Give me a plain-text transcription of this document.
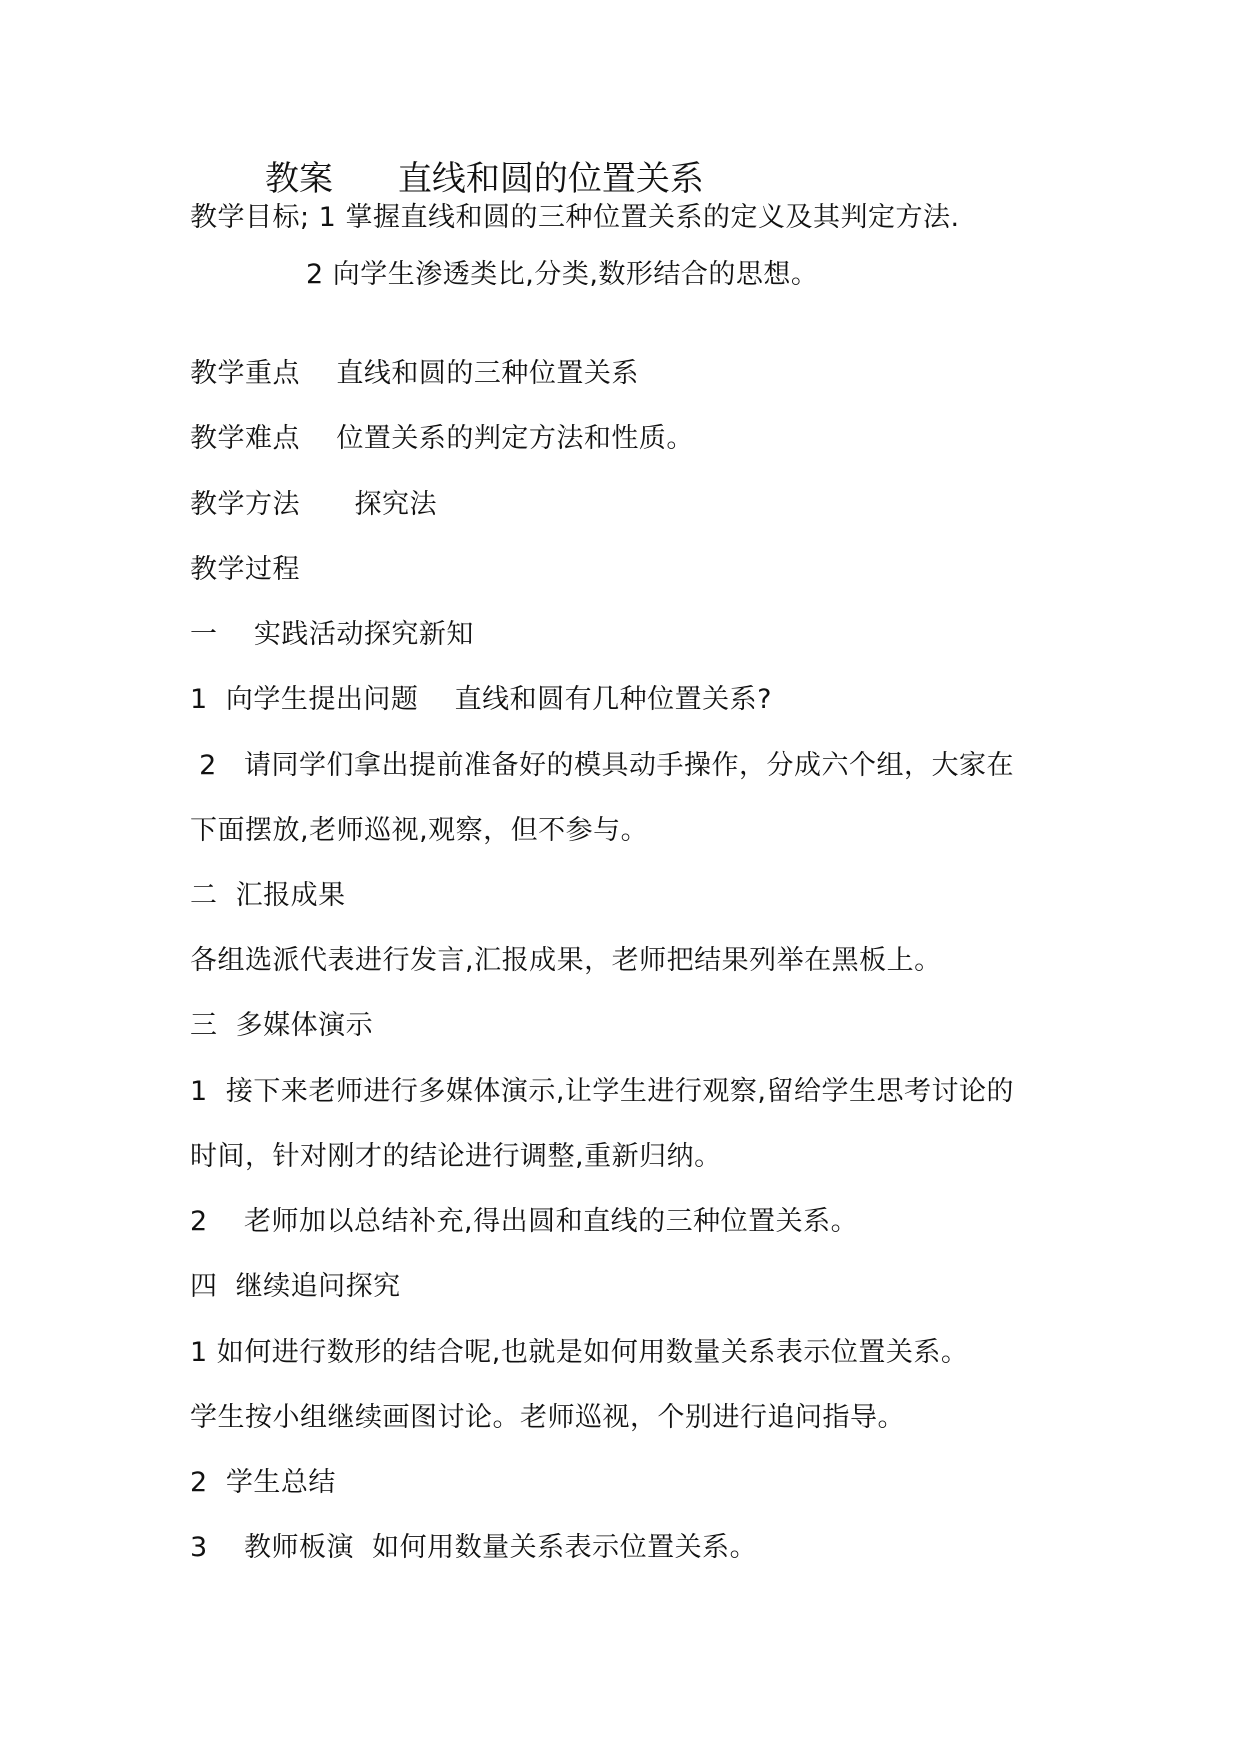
教案      直线和圆的位置关系
教学目标; 1 掌握直线和圆的三种位置关系的定义及其判定方法.
2 向学生渗透类比,分类,数形结合的思想。
教学重点    直线和圆的三种位置关系
教学难点    位置关系的判定方法和性质。
教学方法      探究法
教学过程
一    实践活动探究新知
1  向学生提出问题    直线和圆有几种位置关系?
2   请同学们拿出提前准备好的模具动手操作，分成六个组，大家在
下面摆放,老师巡视,观察，但不参与。
二  汇报成果
各组选派代表进行发言,汇报成果，老师把结果列举在黑板上。
三  多媒体演示
1  接下来老师进行多媒体演示,让学生进行观察,留给学生思考讨论的
时间，针对刚才的结论进行调整,重新归纳。
2    老师加以总结补充,得出圆和直线的三种位置关系。
四  继续追问探究
1 如何进行数形的结合呢,也就是如何用数量关系表示位置关系。
学生按小组继续画图讨论。老师巡视，个别进行追问指导。
2  学生总结
3    教师板演  如何用数量关系表示位置关系。
